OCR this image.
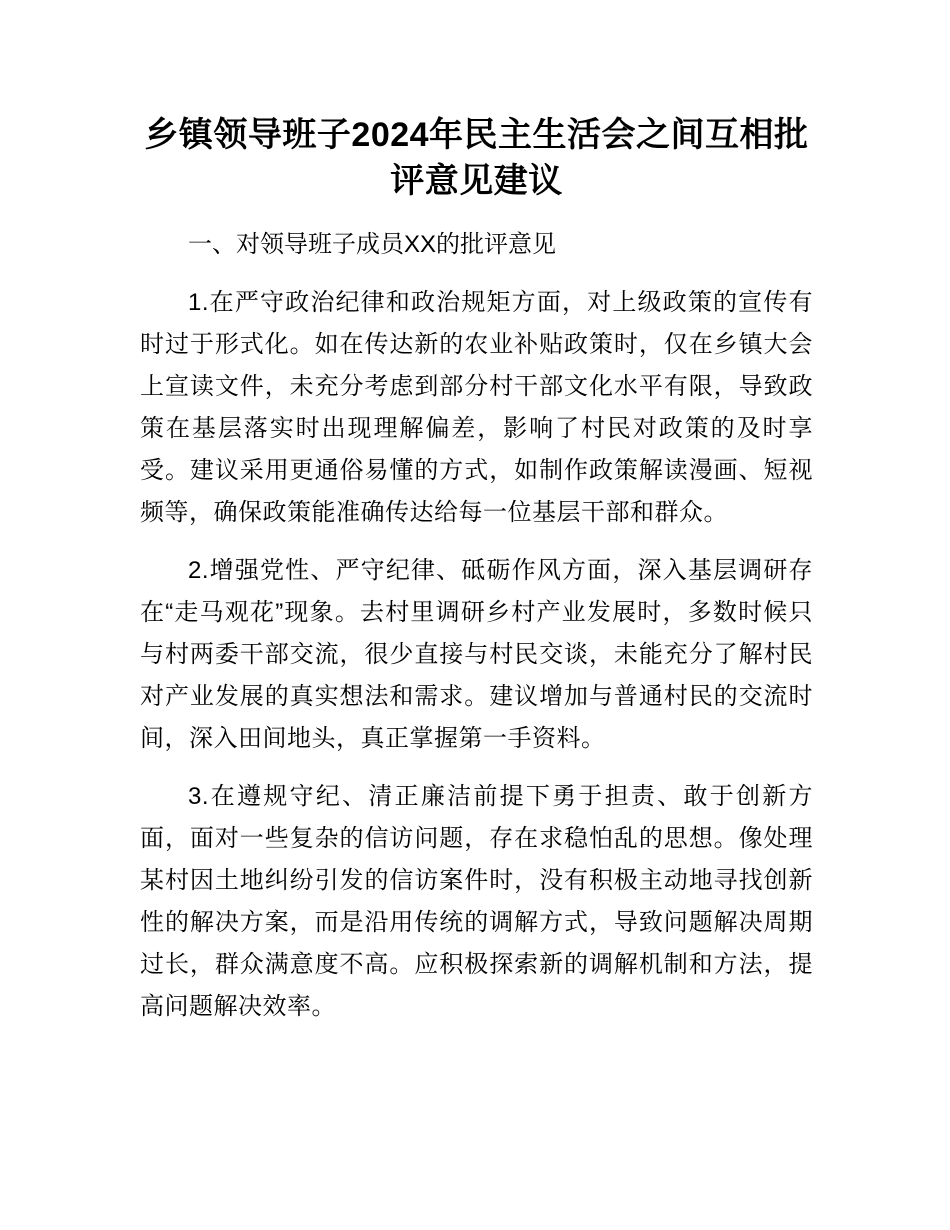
乡镇领导班子2024年民主生活会之间互相批
评意见建议

一、对领导班子成员XX的批评意见

1.在严守政治纪律和政治规矩方面，对上级政策的宣传有时过于形式化。如在传达新的农业补贴政策时，仅在乡镇大会上宣读文件，未充分考虑到部分村干部文化水平有限，导致政策在基层落实时出现理解偏差，影响了村民对政策的及时享受。建议采用更通俗易懂的方式，如制作政策解读漫画、短视频等，确保政策能准确传达给每一位基层干部和群众。

2.增强党性、严守纪律、砥砺作风方面，深入基层调研存在“走马观花”现象。去村里调研乡村产业发展时，多数时候只与村两委干部交流，很少直接与村民交谈，未能充分了解村民对产业发展的真实想法和需求。建议增加与普通村民的交流时间，深入田间地头，真正掌握第一手资料。

3.在遵规守纪、清正廉洁前提下勇于担责、敢于创新方面，面对一些复杂的信访问题，存在求稳怕乱的思想。像处理某村因土地纠纷引发的信访案件时，没有积极主动地寻找创新性的解决方案，而是沿用传统的调解方式，导致问题解决周期过长，群众满意度不高。应积极探索新的调解机制和方法，提高问题解决效率。
